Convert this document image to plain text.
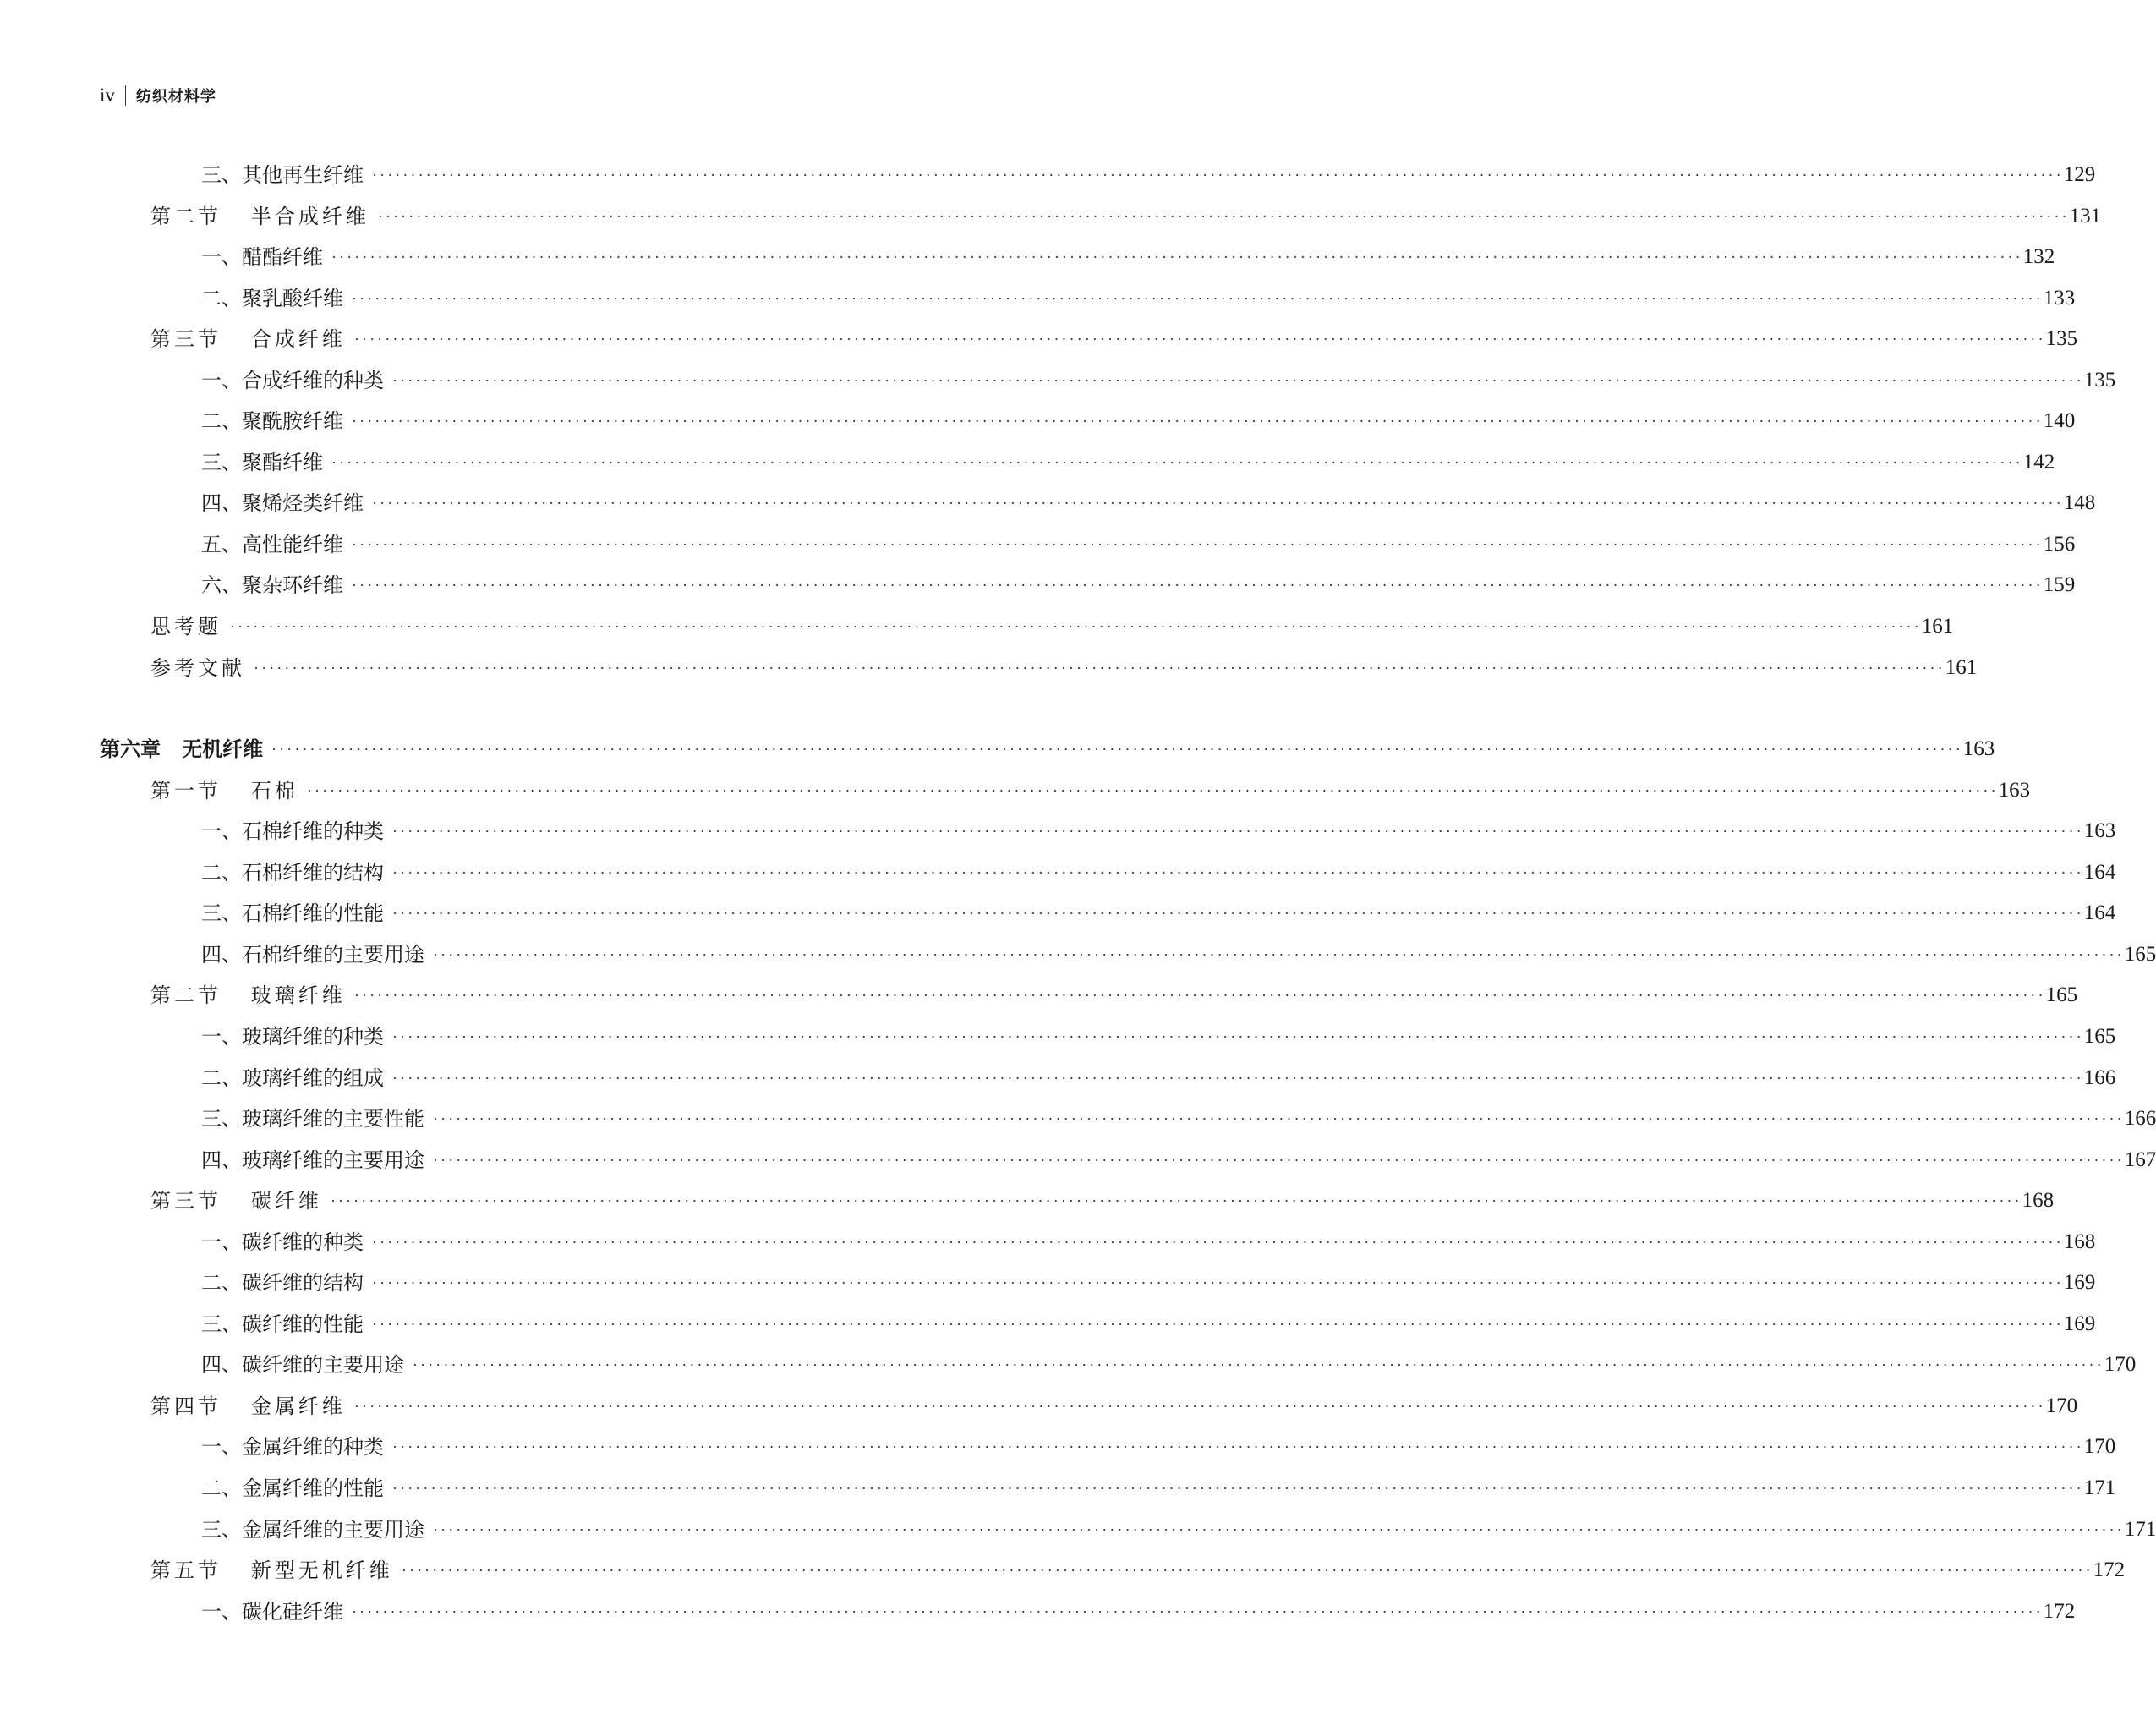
iv 纺织材料学
三、其他再生纤维 ···························································································································································································································· 129
第二节   半合成纤维 ···························································································································································································································· 131
一、醋酯纤维 ···························································································································································································································· 132
二、聚乳酸纤维 ···························································································································································································································· 133
第三节   合成纤维 ···························································································································································································································· 135
一、合成纤维的种类 ···························································································································································································································· 135
二、聚酰胺纤维 ···························································································································································································································· 140
三、聚酯纤维 ···························································································································································································································· 142
四、聚烯烃类纤维 ···························································································································································································································· 148
五、高性能纤维 ···························································································································································································································· 156
六、聚杂环纤维 ···························································································································································································································· 159
思考题 ···························································································································································································································· 161
参考文献 ···························································································································································································································· 161
第六章   无机纤维 ···························································································································································································································· 163
第一节   石棉 ···························································································································································································································· 163
一、石棉纤维的种类 ···························································································································································································································· 163
二、石棉纤维的结构 ···························································································································································································································· 164
三、石棉纤维的性能 ···························································································································································································································· 164
四、石棉纤维的主要用途 ···························································································································································································································· 165
第二节   玻璃纤维 ···························································································································································································································· 165
一、玻璃纤维的种类 ···························································································································································································································· 165
二、玻璃纤维的组成 ···························································································································································································································· 166
三、玻璃纤维的主要性能 ···························································································································································································································· 166
四、玻璃纤维的主要用途 ···························································································································································································································· 167
第三节   碳纤维 ···························································································································································································································· 168
一、碳纤维的种类 ···························································································································································································································· 168
二、碳纤维的结构 ···························································································································································································································· 169
三、碳纤维的性能 ···························································································································································································································· 169
四、碳纤维的主要用途 ···························································································································································································································· 170
第四节   金属纤维 ···························································································································································································································· 170
一、金属纤维的种类 ···························································································································································································································· 170
二、金属纤维的性能 ···························································································································································································································· 171
三、金属纤维的主要用途 ···························································································································································································································· 171
第五节   新型无机纤维 ···························································································································································································································· 172
一、碳化硅纤维 ···························································································································································································································· 172
